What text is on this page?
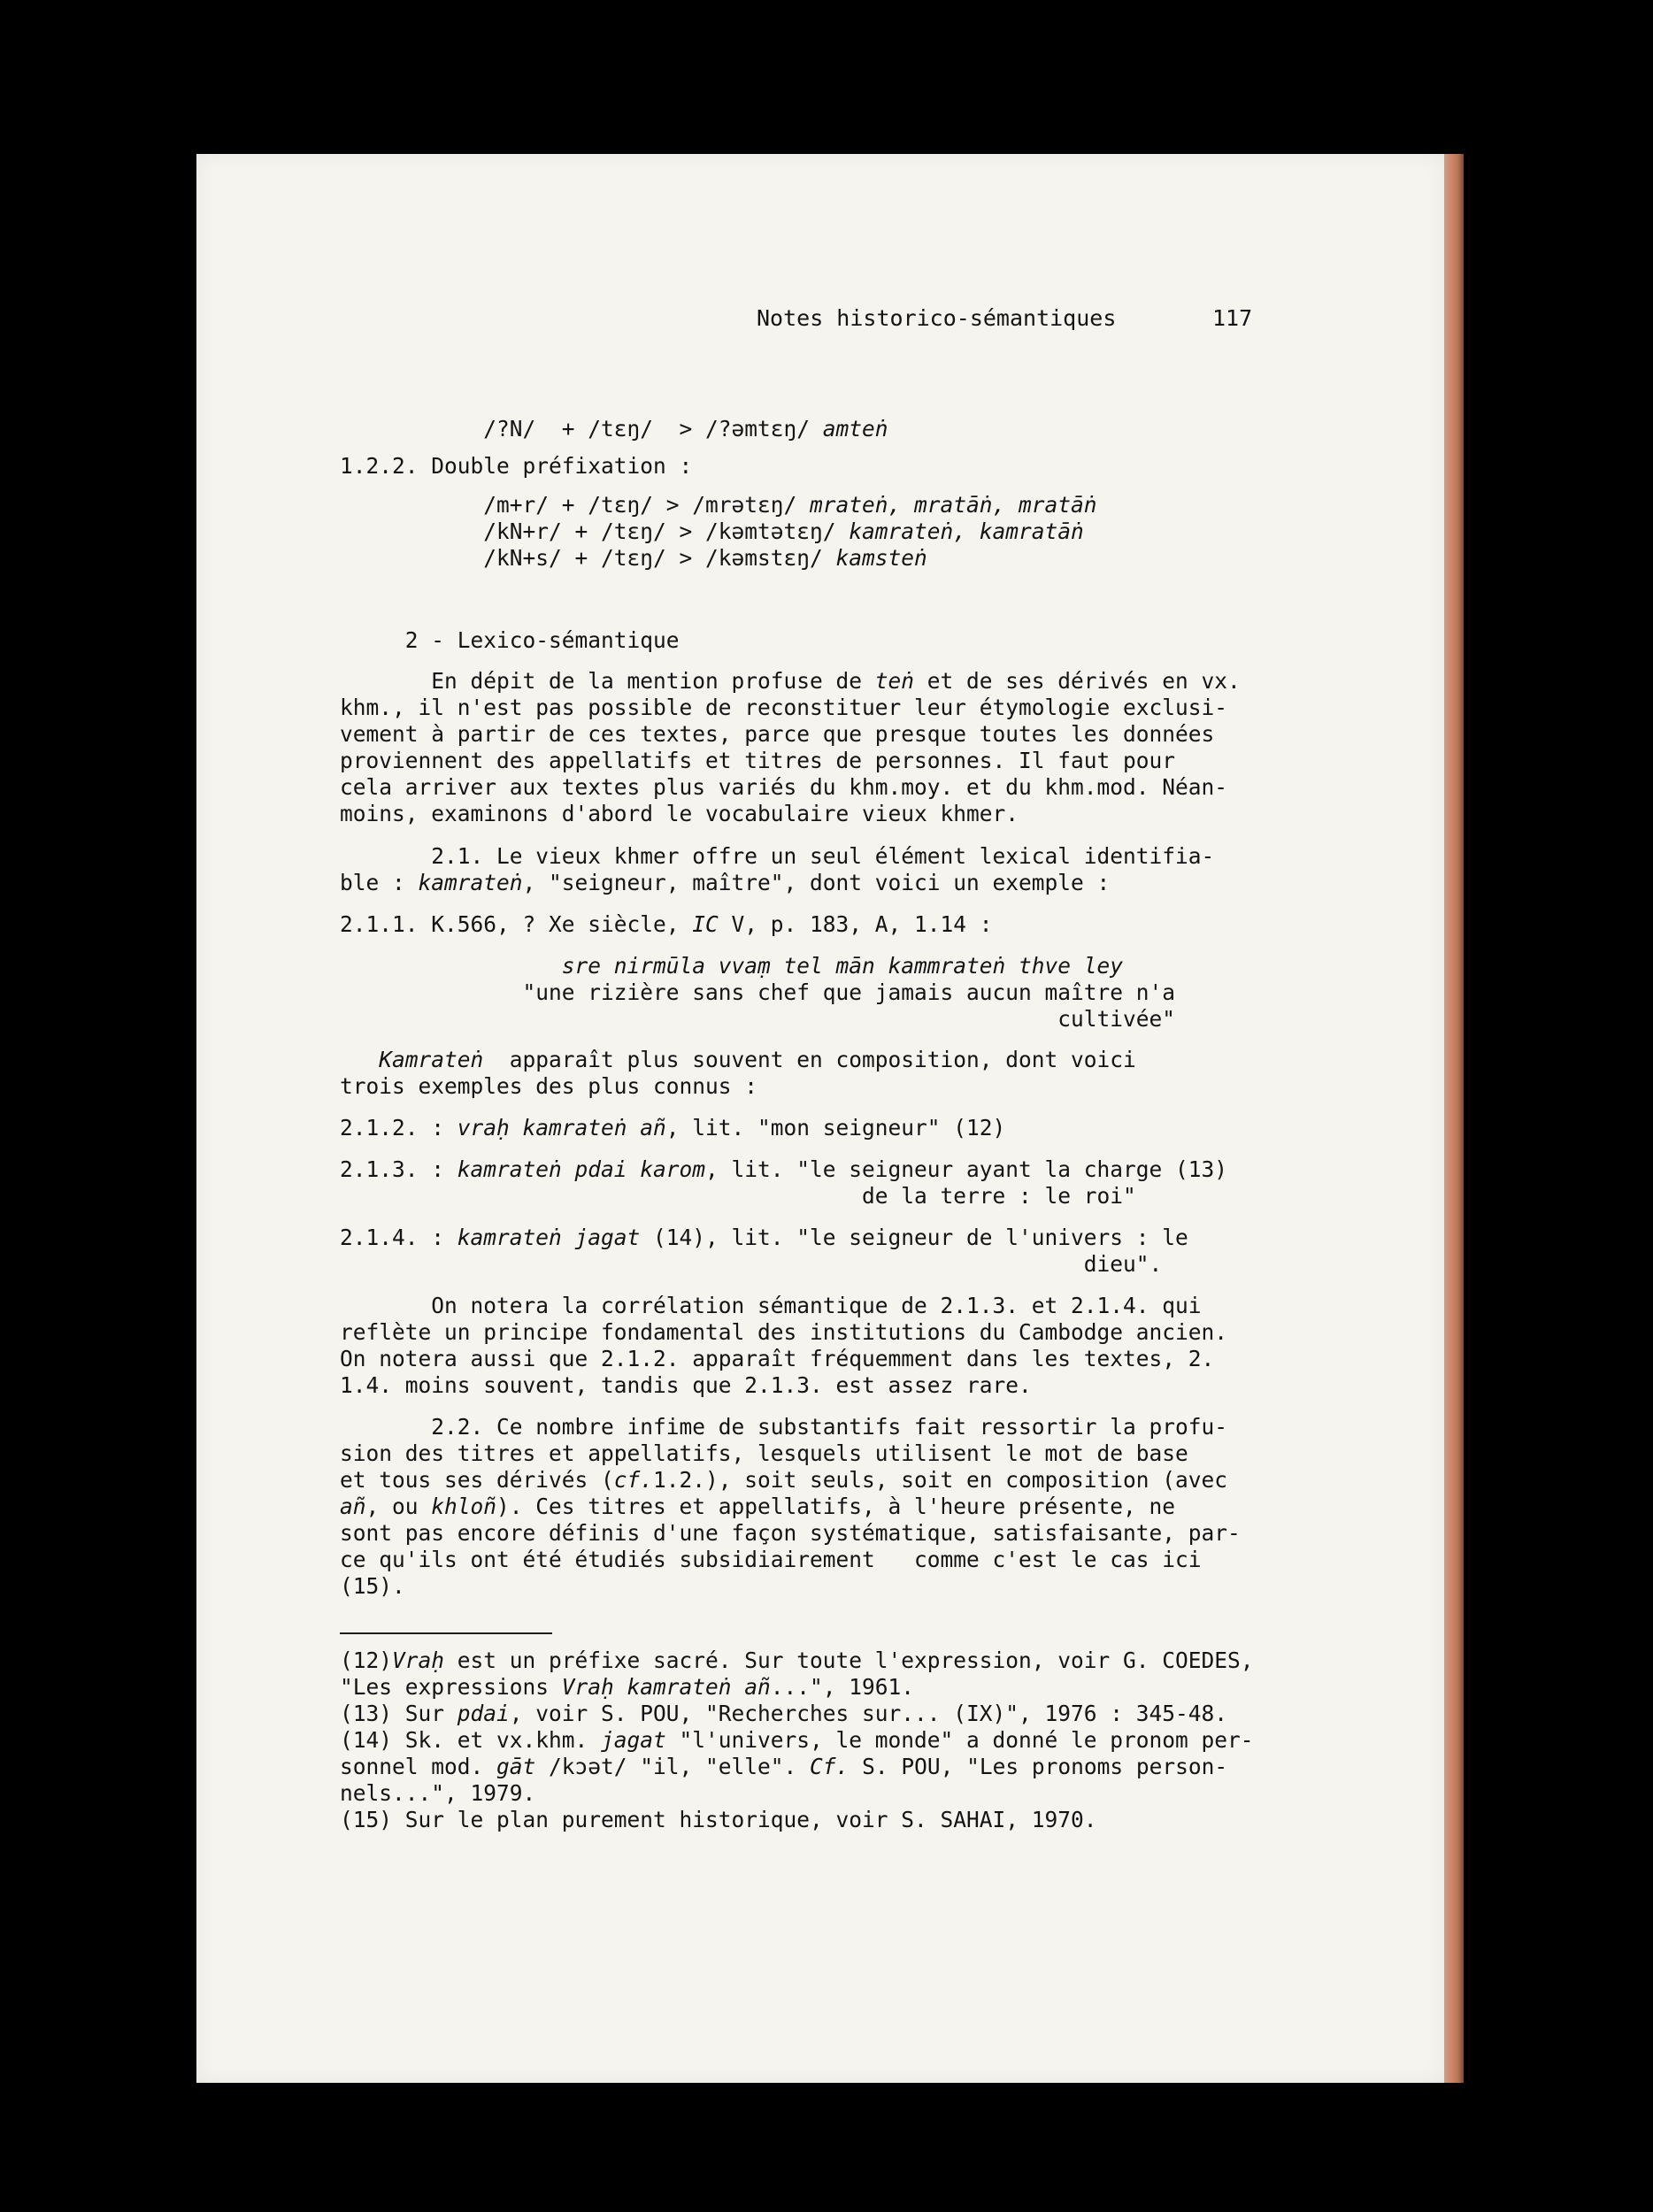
Notes historico-sémantiques	117
/?N/  + /tɛŋ/  > /?əmtɛŋ/ amteṅ
1.2.2. Double préfixation :
/m+r/ + /tɛŋ/ > /mrətɛŋ/ mrateṅ, mratāṅ, mratāṅ
/kN+r/ + /tɛŋ/ > /kəmtətɛŋ/ kamrateṅ, kamratāṅ
/kN+s/ + /tɛŋ/ > /kəmstɛŋ/ kamsteṅ
2 - Lexico-sémantique
En dépit de la mention profuse de teṅ et de ses dérivés en vx.
khm., il n'est pas possible de reconstituer leur étymologie exclusi-
vement à partir de ces textes, parce que presque toutes les données
proviennent des appellatifs et titres de personnes. Il faut pour
cela arriver aux textes plus variés du khm.moy. et du khm.mod. Néan-
moins, examinons d'abord le vocabulaire vieux khmer.
2.1. Le vieux khmer offre un seul élément lexical identifia-
ble : kamrateṅ, "seigneur, maître", dont voici un exemple :
2.1.1. K.566, ? Xe siècle, IC V, p. 183, A, 1.14 :
sre nirmūla vvaṃ tel mān kammrateṅ thve ley
"une rizière sans chef que jamais aucun maître n'a
cultivée"
Kamrateṅ  apparaît plus souvent en composition, dont voici
trois exemples des plus connus :
2.1.2. : vraḥ kamrateṅ añ, lit. "mon seigneur" (12)
2.1.3. : kamrateṅ pdai karom, lit. "le seigneur ayant la charge (13)
de la terre : le roi"
2.1.4. : kamrateṅ jagat (14), lit. "le seigneur de l'univers : le
dieu".
On notera la corrélation sémantique de 2.1.3. et 2.1.4. qui
reflète un principe fondamental des institutions du Cambodge ancien.
On notera aussi que 2.1.2. apparaît fréquemment dans les textes, 2.
1.4. moins souvent, tandis que 2.1.3. est assez rare.
2.2. Ce nombre infime de substantifs fait ressortir la profu-
sion des titres et appellatifs, lesquels utilisent le mot de base
et tous ses dérivés (cf.1.2.), soit seuls, soit en composition (avec
añ, ou khloñ). Ces titres et appellatifs, à l'heure présente, ne
sont pas encore définis d'une façon systématique, satisfaisante, par-
ce qu'ils ont été étudiés subsidiairement   comme c'est le cas ici
(15).
(12)Vraḥ est un préfixe sacré. Sur toute l'expression, voir G. COEDES,
"Les expressions Vraḥ kamrateṅ añ...", 1961.
(13) Sur pdai, voir S. POU, "Recherches sur... (IX)", 1976 : 345-48.
(14) Sk. et vx.khm. jagat "l'univers, le monde" a donné le pronom per-
sonnel mod. gāt /kɔət/ "il, "elle". Cf. S. POU, "Les pronoms person-
nels...", 1979.
(15) Sur le plan purement historique, voir S. SAHAI, 1970.
